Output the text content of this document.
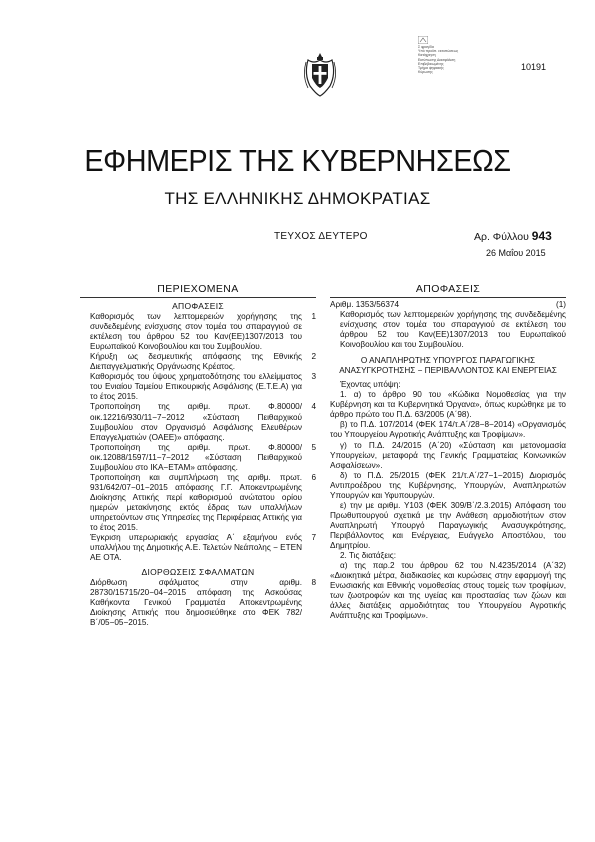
Σ φραγίδα
Υπό προϋπ. εκτυπώσεως
Κατάχρηση
Εκτύπωσης Διασφάλιση
Επιβεβαιωμένης
Τμήμα ψηφιακής
Κύρωσης
10191
ΕΦΗΜΕΡΙΣ ΤΗΣ ΚΥΒΕΡΝΗΣΕΩΣ
ΤΗΣ ΕΛΛΗΝΙΚΗΣ ΔΗΜΟΚΡΑΤΙΑΣ
ΤΕΥΧΟΣ ΔΕΥΤΕΡΟ	Αρ. Φύλλου 943
26 Μαΐου 2015
ΠΕΡΙΕΧΟΜΕΝΑ
ΑΠΟΦΑΣΕΙΣ
Καθορισμός των λεπτομερειών χορήγησης της συνδεδεμένης ενίσχυσης στον τομέα του σπαραγγιού σε εκτέλεση του άρθρου 52 του Καν(ΕΕ)1307/2013 του Ευρωπαϊκού Κοινοβουλίου και του Συμβουλίου.
1
Κήρυξη ως δεσμευτικής απόφασης της Εθνικής Διεπαγγελματικής Οργάνωσης Κρέατος.
2
Καθορισμός του ύψους χρηματοδότησης του ελλείμματος του Ενιαίου Ταμείου Επικουρικής Ασφάλισης (Ε.Τ.Ε.Α) για το έτος 2015.
3
Τροποποίηση της αριθμ. πρωτ. Φ.80000/οικ.12216/930/11−7−2012 «Σύσταση Πειθαρχικού Συμβουλίου στον Οργανισμό Ασφάλισης Ελευθέρων Επαγγελματιών (ΟΑΕΕ)» απόφασης.
4
Τροποποίηση της αριθμ. πρωτ. Φ.80000/οικ.12088/1597/11−7−2012 «Σύσταση Πειθαρχικού Συμβουλίου στο ΙΚΑ−ΕΤΑΜ» απόφασης.
5
Τροποποίηση και συμπλήρωση της αριθμ. πρωτ. 931/642/07−01−2015 απόφασης Γ.Γ. Αποκεντρωμένης Διοίκησης Αττικής περί καθορισμού ανώτατου ορίου ημερών μετακίνησης εκτός έδρας των υπαλλήλων υπηρετούντων στις Υπηρεσίες της Περιφέρειας Αττικής για το έτος 2015.
6
Έγκριση υπερωριακής εργασίας Α΄ εξαμήνου ενός υπαλλήλου της Δημοτικής Α.Ε. Τελετών Νεάπολης − ΕΤΕΝ ΑΕ ΟΤΑ.
7
ΔΙΟΡΘΩΣΕΙΣ ΣΦΑΛΜΑΤΩΝ
Διόρθωση σφάλματος στην αριθμ. 28730/15715/20−04−2015 απόφαση της Ασκούσας Καθήκοντα Γενικού Γραμματέα Αποκεντρωμένης Διοίκησης Αττικής που δημοσιεύθηκε στο ΦΕΚ 782/Β΄/05−05−2015.
8
ΑΠΟΦΑΣΕΙΣ
Αριθμ. 1353/56374	(1)

Καθορισμός των λεπτομερειών χορήγησης της συνδεδεμένης ενίσχυσης στον τομέα του σπαραγγιού σε εκτέλεση του άρθρου 52 του Καν(ΕΕ)1307/2013 του Ευρωπαϊκού Κοινοβουλίου και του Συμβουλίου.

Ο ΑΝΑΠΛΗΡΩΤΗΣ ΥΠΟΥΡΓΟΣ ΠΑΡΑΓΩΓΙΚΗΣ ΑΝΑΣΥΓΚΡΟΤΗΣΗΣ − ΠΕΡΙΒΑΛΛΟΝΤΟΣ ΚΑΙ ΕΝΕΡΓΕΙΑΣ

Έχοντας υπόψη:

1. α) το άρθρο 90 του «Κώδικα Νομοθεσίας για την Κυβέρνηση και τα Κυβερνητικά Όργανα», όπως κυρώθηκε με το άρθρο πρώτο του Π.Δ. 63/2005 (Α΄98).

β) το Π.Δ. 107/2014 (ΦΕΚ 174/τ.Α΄/28−8−2014) «Οργανισμός του Υπουργείου Αγροτικής Ανάπτυξης και Τροφίμων».

γ) το Π.Δ. 24/2015 (Α΄20) «Σύσταση και μετονομασία Υπουργείων, μεταφορά της Γενικής Γραμματείας Κοινωνικών Ασφαλίσεων».

δ) το Π.Δ. 25/2015 (ΦΕΚ 21/τ.Α΄/27−1−2015) Διορισμός Αντιπροέδρου της Κυβέρνησης, Υπουργών, Αναπληρωτών Υπουργών και Υφυπουργών.

ε) την με αριθμ. Υ103 (ΦΕΚ 309/Β΄/2.3.2015) Απόφαση του Πρωθυπουργού σχετικά με την Ανάθεση αρμοδιοτήτων στον Αναπληρωτή Υπουργό Παραγωγικής Ανασυγκρότησης, Περιβάλλοντος και Ενέργειας, Ευάγγελο Αποστόλου, του Δημητρίου.

2. Τις διατάξεις:

α) της παρ.2 του άρθρου 62 του Ν.4235/2014 (Α΄32) «Διοικητικά μέτρα, διαδικασίες και κυρώσεις στην εφαρμογή της Ενωσιακής και Εθνικής νομοθεσίας στους τομείς των τροφίμων, των ζωοτροφών και της υγείας και προστασίας των ζώων και άλλες διατάξεις αρμοδιότητας του Υπουργείου Αγροτικής Ανάπτυξης και Τροφίμων».
